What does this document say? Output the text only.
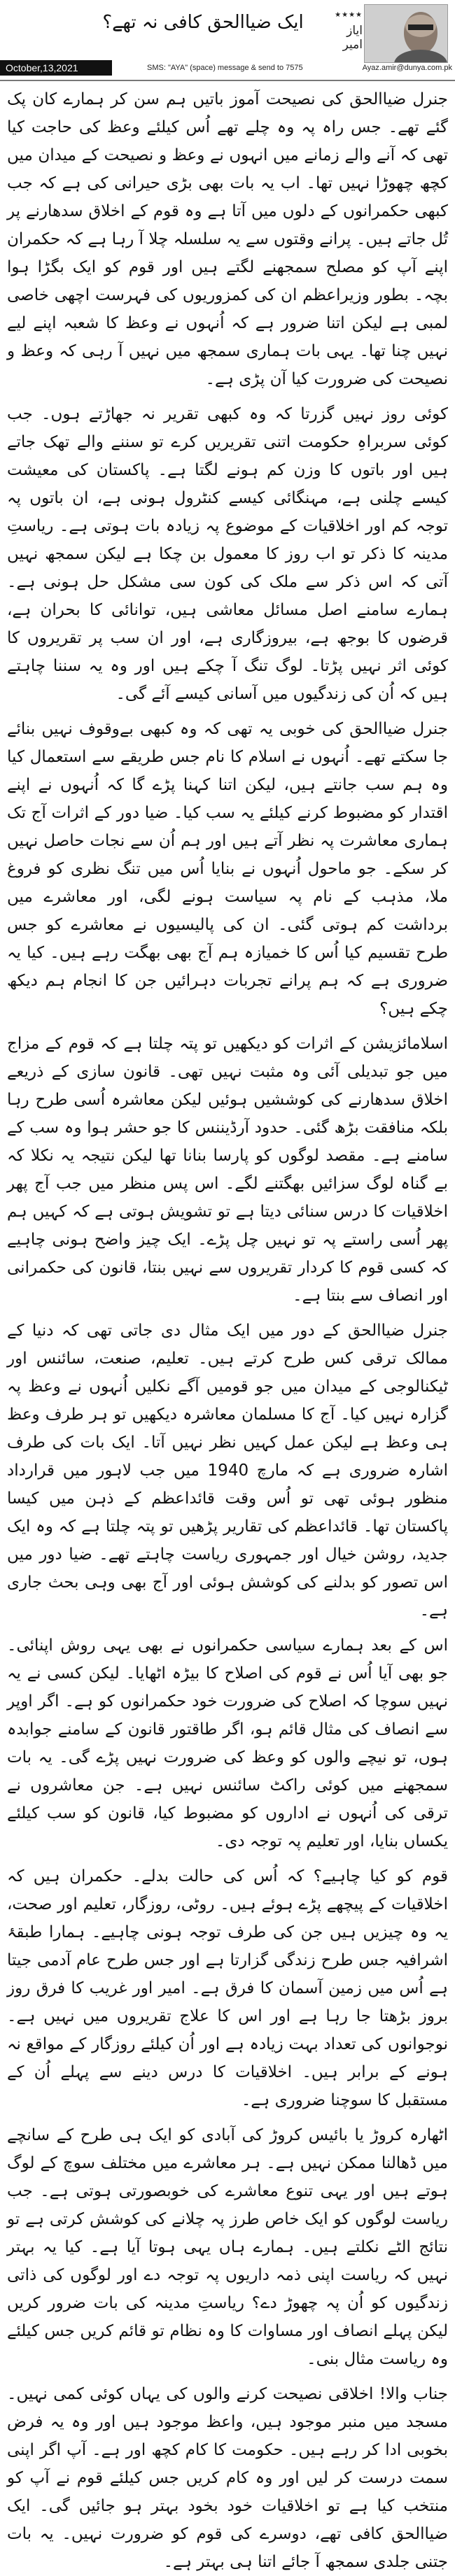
★★★★
ایاز امیر
ایک ضیاالحق کافی نہ تھے؟
October,13,2021	SMS: "AYA" (space) message & send to 7575	Ayaz.amir@dunya.com.pk

جنرل ضیاالحق کی نصیحت آموز باتیں ہم سن کر ہمارے کان پک گئے تھے۔ جس راہ پہ وہ چلے تھے اُس کیلئے وعظ کی حاجت کیا تھی کہ آنے والے زمانے میں انہوں نے وعظ و نصیحت کے میدان میں کچھ چھوڑا نہیں تھا۔ اب یہ بات بھی بڑی حیرانی کی ہے کہ جب کبھی حکمرانوں کے دلوں میں آتا ہے وہ قوم کے اخلاق سدھارنے پر تُل جاتے ہیں۔ پرانے وقتوں سے یہ سلسلہ چلا آ رہا ہے کہ حکمران اپنے آپ کو مصلح سمجھنے لگتے ہیں اور قوم کو ایک بگڑا ہوا بچہ۔ بطور وزیراعظم ان کی کمزوریوں کی فہرست اچھی خاصی لمبی ہے لیکن اتنا ضرور ہے کہ اُنہوں نے وعظ کا شعبہ اپنے لیے نہیں چنا تھا۔ یہی بات ہماری سمجھ میں نہیں آ رہی کہ وعظ و نصیحت کی ضرورت کیا آن پڑی ہے۔

کوئی روز نہیں گزرتا کہ وہ کبھی تقریر نہ جھاڑتے ہوں۔ جب کوئی سربراہِ حکومت اتنی تقریریں کرے تو سننے والے تھک جاتے ہیں اور باتوں کا وزن کم ہونے لگتا ہے۔ پاکستان کی معیشت کیسے چلنی ہے، مہنگائی کیسے کنٹرول ہونی ہے، ان باتوں پہ توجہ کم اور اخلاقیات کے موضوع پہ زیادہ بات ہوتی ہے۔ ریاستِ مدینہ کا ذکر تو اب روز کا معمول بن چکا ہے لیکن سمجھ نہیں آتی کہ اس ذکر سے ملک کی کون سی مشکل حل ہونی ہے۔ ہمارے سامنے اصل مسائل معاشی ہیں، توانائی کا بحران ہے، قرضوں کا بوجھ ہے، بیروزگاری ہے، اور ان سب پر تقریروں کا کوئی اثر نہیں پڑتا۔ لوگ تنگ آ چکے ہیں اور وہ یہ سننا چاہتے ہیں کہ اُن کی زندگیوں میں آسانی کیسے آئے گی۔

جنرل ضیاالحق کی خوبی یہ تھی کہ وہ کبھی بےوقوف نہیں بنائے جا سکتے تھے۔ اُنہوں نے اسلام کا نام جس طریقے سے استعمال کیا وہ ہم سب جانتے ہیں، لیکن اتنا کہنا پڑے گا کہ اُنہوں نے اپنے اقتدار کو مضبوط کرنے کیلئے یہ سب کیا۔ ضیا دور کے اثرات آج تک ہماری معاشرت پہ نظر آتے ہیں اور ہم اُن سے نجات حاصل نہیں کر سکے۔ جو ماحول اُنہوں نے بنایا اُس میں تنگ نظری کو فروغ ملا، مذہب کے نام پہ سیاست ہونے لگی، اور معاشرے میں برداشت کم ہوتی گئی۔ ان کی پالیسیوں نے معاشرے کو جس طرح تقسیم کیا اُس کا خمیازہ ہم آج بھی بھگت رہے ہیں۔ کیا یہ ضروری ہے کہ ہم پرانے تجربات دہرائیں جن کا انجام ہم دیکھ چکے ہیں؟

اسلامائزیشن کے اثرات کو دیکھیں تو پتہ چلتا ہے کہ قوم کے مزاج میں جو تبدیلی آئی وہ مثبت نہیں تھی۔ قانون سازی کے ذریعے اخلاق سدھارنے کی کوششیں ہوئیں لیکن معاشرہ اُسی طرح رہا بلکہ منافقت بڑھ گئی۔ حدود آرڈیننس کا جو حشر ہوا وہ سب کے سامنے ہے۔ مقصد لوگوں کو پارسا بنانا تھا لیکن نتیجہ یہ نکلا کہ بے گناہ لوگ سزائیں بھگتنے لگے۔ اس پس منظر میں جب آج پھر اخلاقیات کا درس سنائی دیتا ہے تو تشویش ہوتی ہے کہ کہیں ہم پھر اُسی راستے پہ تو نہیں چل پڑے۔ ایک چیز واضح ہونی چاہیے کہ کسی قوم کا کردار تقریروں سے نہیں بنتا، قانون کی حکمرانی اور انصاف سے بنتا ہے۔

جنرل ضیاالحق کے دور میں ایک مثال دی جاتی تھی کہ دنیا کے ممالک ترقی کس طرح کرتے ہیں۔ تعلیم، صنعت، سائنس اور ٹیکنالوجی کے میدان میں جو قومیں آگے نکلیں اُنہوں نے وعظ پہ گزارہ نہیں کیا۔ آج کا مسلمان معاشرہ دیکھیں تو ہر طرف وعظ ہی وعظ ہے لیکن عمل کہیں نظر نہیں آتا۔ ایک بات کی طرف اشارہ ضروری ہے کہ مارچ 1940 میں جب لاہور میں قرارداد منظور ہوئی تھی تو اُس وقت قائداعظم کے ذہن میں کیسا پاکستان تھا۔ قائداعظم کی تقاریر پڑھیں تو پتہ چلتا ہے کہ وہ ایک جدید، روشن خیال اور جمہوری ریاست چاہتے تھے۔ ضیا دور میں اس تصور کو بدلنے کی کوشش ہوئی اور آج بھی وہی بحث جاری ہے۔

اس کے بعد ہمارے سیاسی حکمرانوں نے بھی یہی روش اپنائی۔ جو بھی آیا اُس نے قوم کی اصلاح کا بیڑہ اٹھایا۔ لیکن کسی نے یہ نہیں سوچا کہ اصلاح کی ضرورت خود حکمرانوں کو ہے۔ اگر اوپر سے انصاف کی مثال قائم ہو، اگر طاقتور قانون کے سامنے جوابدہ ہوں، تو نیچے والوں کو وعظ کی ضرورت نہیں پڑے گی۔ یہ بات سمجھنے میں کوئی راکٹ سائنس نہیں ہے۔ جن معاشروں نے ترقی کی اُنہوں نے اداروں کو مضبوط کیا، قانون کو سب کیلئے یکساں بنایا، اور تعلیم پہ توجہ دی۔

قوم کو کیا چاہیے؟ کہ اُس کی حالت بدلے۔ حکمران ہیں کہ اخلاقیات کے پیچھے پڑے ہوئے ہیں۔ روٹی، روزگار، تعلیم اور صحت، یہ وہ چیزیں ہیں جن کی طرف توجہ ہونی چاہیے۔ ہمارا طبقۂ اشرافیہ جس طرح زندگی گزارتا ہے اور جس طرح عام آدمی جیتا ہے اُس میں زمین آسمان کا فرق ہے۔ امیر اور غریب کا فرق روز بروز بڑھتا جا رہا ہے اور اس کا علاج تقریروں میں نہیں ہے۔ نوجوانوں کی تعداد بہت زیادہ ہے اور اُن کیلئے روزگار کے مواقع نہ ہونے کے برابر ہیں۔ اخلاقیات کا درس دینے سے پہلے اُن کے مستقبل کا سوچنا ضروری ہے۔

اٹھارہ کروڑ یا بائیس کروڑ کی آبادی کو ایک ہی طرح کے سانچے میں ڈھالنا ممکن نہیں ہے۔ ہر معاشرے میں مختلف سوچ کے لوگ ہوتے ہیں اور یہی تنوع معاشرے کی خوبصورتی ہوتی ہے۔ جب ریاست لوگوں کو ایک خاص طرز پہ چلانے کی کوشش کرتی ہے تو نتائج الٹے نکلتے ہیں۔ ہمارے ہاں یہی ہوتا آیا ہے۔ کیا یہ بہتر نہیں کہ ریاست اپنی ذمہ داریوں پہ توجہ دے اور لوگوں کی ذاتی زندگیوں کو اُن پہ چھوڑ دے؟ ریاستِ مدینہ کی بات ضرور کریں لیکن پہلے انصاف اور مساوات کا وہ نظام تو قائم کریں جس کیلئے وہ ریاست مثال بنی۔

جناب والا! اخلاقی نصیحت کرنے والوں کی یہاں کوئی کمی نہیں۔ مسجد میں منبر موجود ہیں، واعظ موجود ہیں اور وہ یہ فرض بخوبی ادا کر رہے ہیں۔ حکومت کا کام کچھ اور ہے۔ آپ اگر اپنی سمت درست کر لیں اور وہ کام کریں جس کیلئے قوم نے آپ کو منتخب کیا ہے تو اخلاقیات خود بخود بہتر ہو جائیں گی۔ ایک ضیاالحق کافی تھے، دوسرے کی قوم کو ضرورت نہیں۔ یہ بات جتنی جلدی سمجھ آ جائے اتنا ہی بہتر ہے۔
